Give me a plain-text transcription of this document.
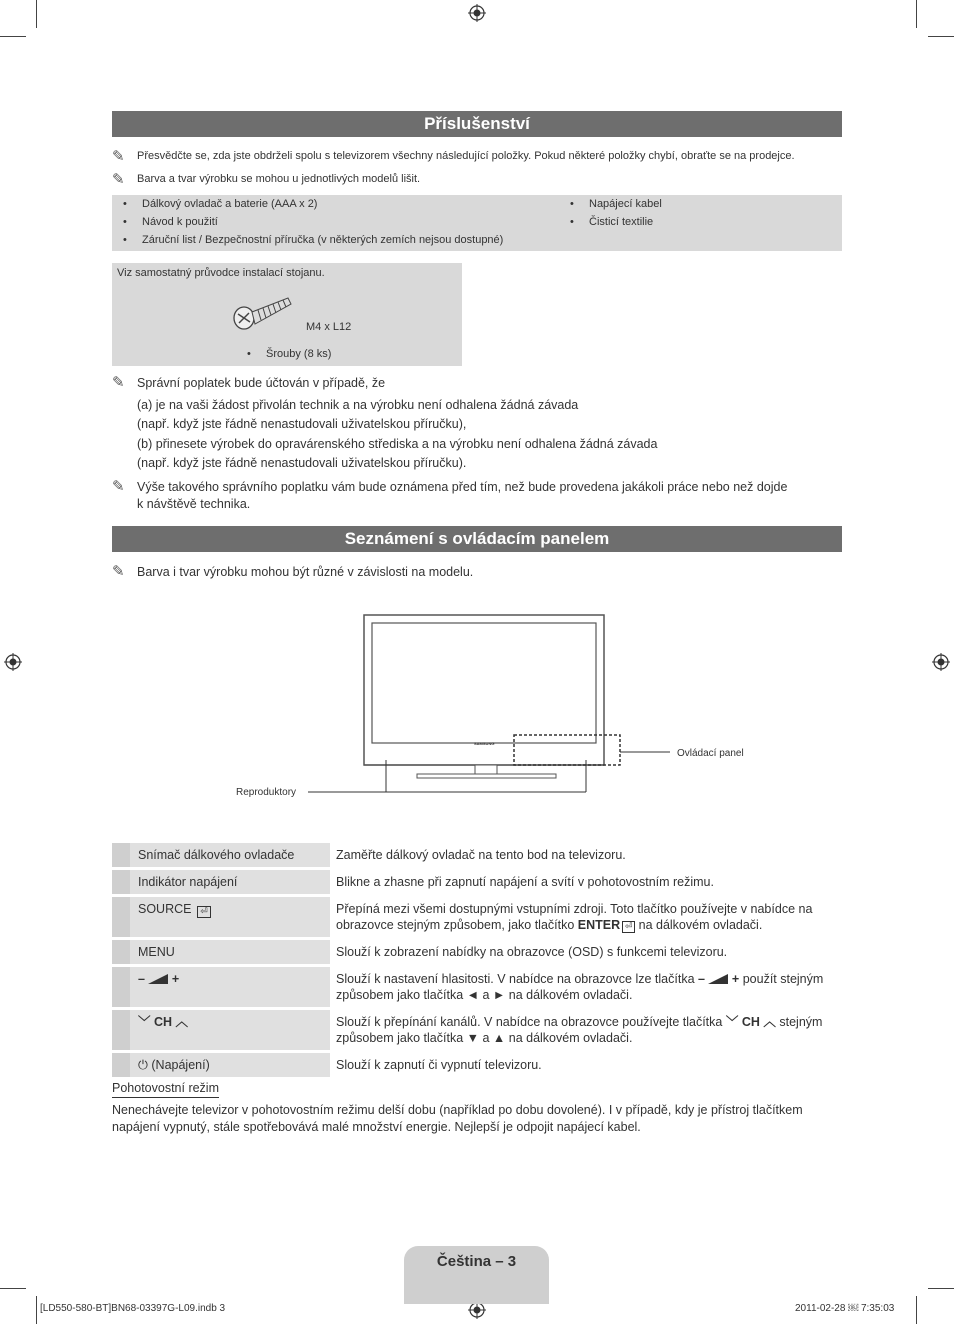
Příslušenství
✎ Přesvědčte se, zda jste obdrželi spolu s televizorem všechny následující položky. Pokud některé položky chybí, obraťte se na prodejce.
✎ Barva a tvar výrobku se mohou u jednotlivých modelů lišit.
• Dálkový ovladač a baterie (AAA x 2)
• Návod k použití
• Záruční list / Bezpečnostní příručka (v některých zemích nejsou dostupné)
• Napájecí kabel
• Čisticí textilie
Viz samostatný průvodce instalací stojanu.
M4 x L12
• Šrouby (8 ks)
✎ Správní poplatek bude účtován v případě, že
(a) je na vaši žádost přivolán technik a na výrobku není odhalena žádná závada
(např. když jste řádně nenastudovali uživatelskou příručku),
(b) přinesete výrobek do opravárenského střediska a na výrobku není odhalena žádná závada
(např. když jste řádně nenastudovali uživatelskou příručku).
✎ Výše takového správního poplatku vám bude oznámena před tím, než bude provedena jakákoli práce nebo než dojde
k návštěvě technika.
Seznámení s ovládacím panelem
✎ Barva i tvar výrobku mohou být různé v závislosti na modelu.
SAMSUNG
Ovládací panel
Reproduktory
	Snímač dálkového ovladače	Zaměřte dálkový ovladač na tento bod na televizoru.
	Indikátor napájení	Blikne a zhasne při zapnutí napájení a svítí v pohotovostním režimu.
	SOURCE ⏎	Přepíná mezi všemi dostupnými vstupními zdroji. Toto tlačítko používejte v nabídce na
obrazovce stejným způsobem, jako tlačítko ENTER ⏎ na dálkovém ovladači.
	MENU	Slouží k zobrazení nabídky na obrazovce (OSD) s funkcemi televizoru.
	–  +	Slouží k nastavení hlasitosti. V nabídce na obrazovce lze tlačítka –  + použít stejným
způsobem jako tlačítka ◄ a ► na dálkovém ovladači.
	﹀ CH ︿	Slouží k přepínání kanálů. V nabídce na obrazovce používejte tlačítka ﹀ CH ︿ stejným
způsobem jako tlačítka ▼ a ▲ na dálkovém ovladači.
	⏻ (Napájení)	Slouží k zapnutí či vypnutí televizoru.
Pohotovostní režim
Nenechávejte televizor v pohotovostním režimu delší dobu (například po dobu dovolené). I v případě, kdy je přístroj tlačítkem
napájení vypnutý, stále spotřebovává malé množství energie. Nejlepší je odpojit napájecí kabel.
Čeština – 3
[LD550-580-BT]BN68-03397G-L09.indb 3	2011-02-28 ￼ 7:35:03
